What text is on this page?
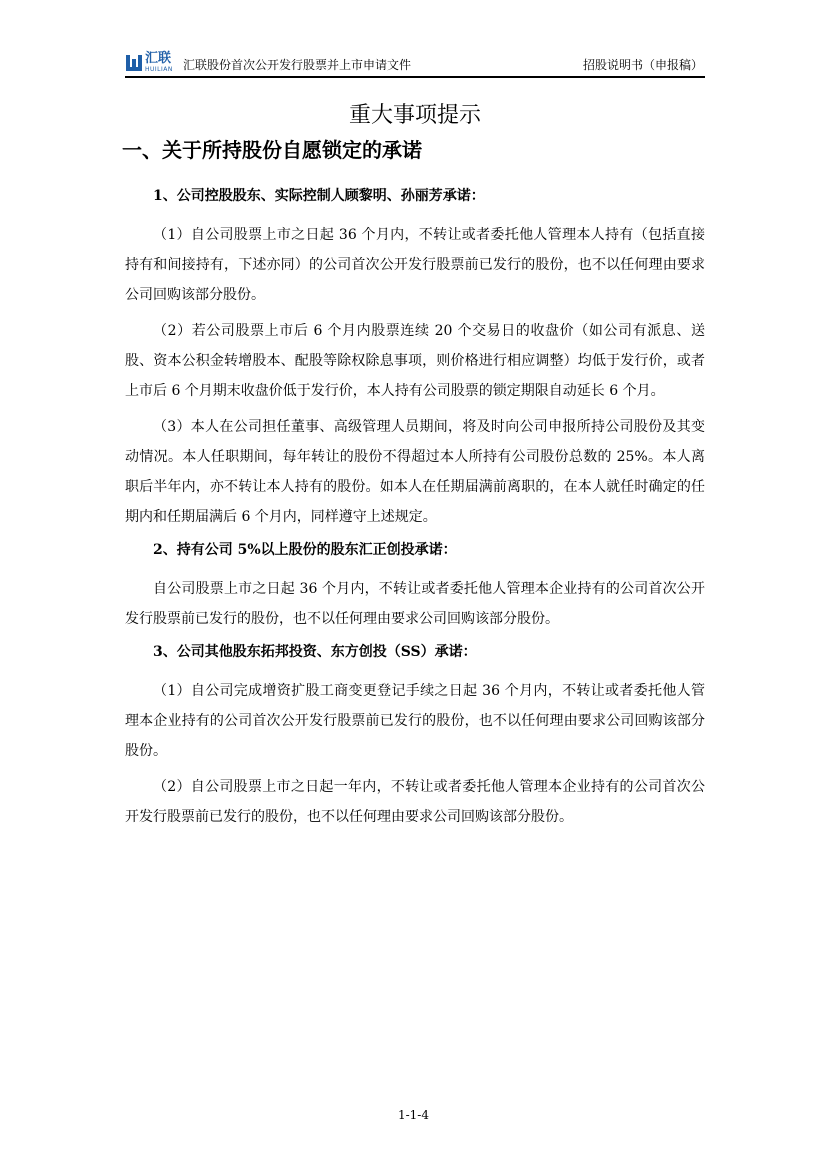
汇联
HUILIAN 汇联股份首次公开发行股票并上市申请文件	招股说明书（申报稿）
重大事项提示
一、关于所持股份自愿锁定的承诺
1、公司控股股东、实际控制人顾黎明、孙丽芳承诺：

（1）自公司股票上市之日起 36 个月内，不转让或者委托他人管理本人持有（包括直接持有和间接持有，下述亦同）的公司首次公开发行股票前已发行的股份，也不以任何理由要求公司回购该部分股份。

（2）若公司股票上市后 6 个月内股票连续 20 个交易日的收盘价（如公司有派息、送股、资本公积金转增股本、配股等除权除息事项，则价格进行相应调整）均低于发行价，或者上市后 6 个月期末收盘价低于发行价，本人持有公司股票的锁定期限自动延长 6 个月。

（3）本人在公司担任董事、高级管理人员期间，将及时向公司申报所持公司股份及其变动情况。本人任职期间，每年转让的股份不得超过本人所持有公司股份总数的 25%。本人离职后半年内，亦不转让本人持有的股份。如本人在任期届满前离职的，在本人就任时确定的任期内和任期届满后 6 个月内，同样遵守上述规定。

2、持有公司 5%以上股份的股东汇正创投承诺：

自公司股票上市之日起 36 个月内，不转让或者委托他人管理本企业持有的公司首次公开发行股票前已发行的股份，也不以任何理由要求公司回购该部分股份。

3、公司其他股东拓邦投资、东方创投（SS）承诺：

（1）自公司完成增资扩股工商变更登记手续之日起 36 个月内，不转让或者委托他人管理本企业持有的公司首次公开发行股票前已发行的股份，也不以任何理由要求公司回购该部分股份。

（2）自公司股票上市之日起一年内，不转让或者委托他人管理本企业持有的公司首次公开发行股票前已发行的股份，也不以任何理由要求公司回购该部分股份。

1-1-4
